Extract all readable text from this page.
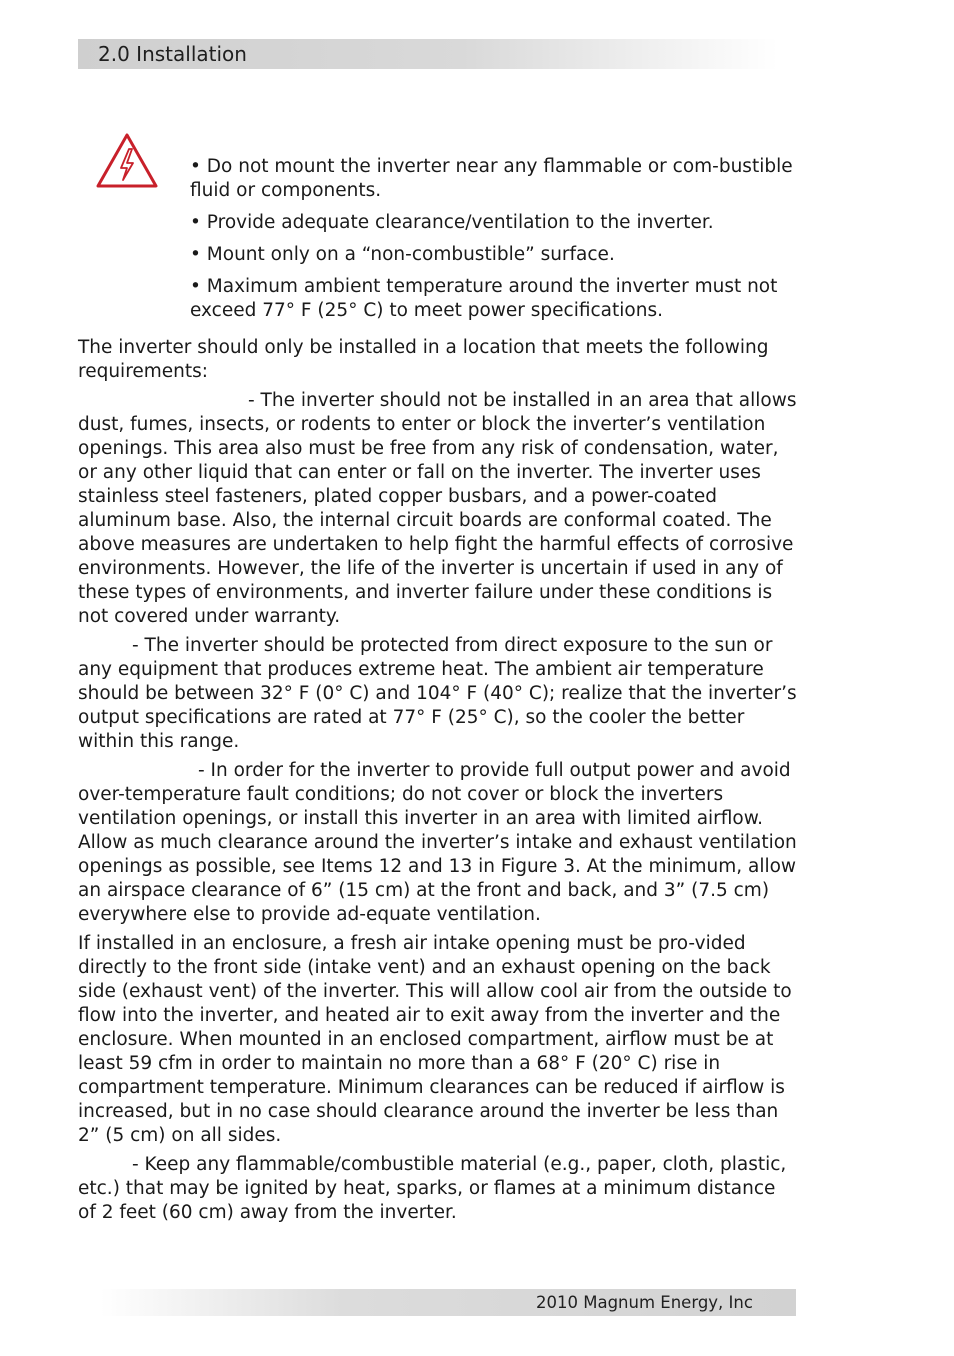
2.0 Installation

• Do not mount the inverter near any flammable or com-bustible fluid or components.

• Provide adequate clearance/ventilation to the inverter.

• Mount only on a “non-combustible” surface.

• Maximum ambient temperature around the inverter must not exceed 77° F (25° C) to meet power specifications.

The inverter should only be installed in a location that meets the following requirements:

- The inverter should not be installed in an area that allows dust, fumes, insects, or rodents to enter or block the inverter’s ventilation openings. This area also must be free from any risk of condensation, water, or any other liquid that can enter or fall on the inverter. The inverter uses stainless steel fasteners, plated copper busbars, and a power-coated aluminum base. Also, the internal circuit boards are conformal coated. The above measures are undertaken to help fight the harmful effects of corrosive environments. However, the life of the inverter is uncertain if used in any of these types of environments, and inverter failure under these conditions is not covered under warranty.

- The inverter should be protected from direct exposure to the sun or any equipment that produces extreme heat. The ambient air temperature should be between 32° F (0° C) and 104° F (40° C); realize that the inverter’s output specifications are rated at 77° F (25° C), so the cooler the better within this range.

- In order for the inverter to provide full output power and avoid over-temperature fault conditions; do not cover or block the inverters ventilation openings, or install this inverter in an area with limited airflow. Allow as much clearance around the inverter’s intake and exhaust ventilation openings as possible, see Items 12 and 13 in Figure 3. At the minimum, allow an airspace clearance of 6” (15 cm) at the front and back, and 3” (7.5 cm) everywhere else to provide ad-equate ventilation.

If installed in an enclosure, a fresh air intake opening must be pro-vided directly to the front side (intake vent) and an exhaust opening on the back side (exhaust vent) of the inverter. This will allow cool air from the outside to flow into the inverter, and heated air to exit away from the inverter and the enclosure. When mounted in an enclosed compartment, airflow must be at least 59 cfm in order to maintain no more than a 68° F (20° C) rise in compartment temperature. Minimum clearances can be reduced if airflow is increased, but in no case should clearance around the inverter be less than 2” (5 cm) on all sides.

- Keep any flammable/combustible material (e.g., paper, cloth, plastic, etc.) that may be ignited by heat, sparks, or flames at a minimum distance of 2 feet (60 cm) away from the inverter.

2010 Magnum Energy, Inc
